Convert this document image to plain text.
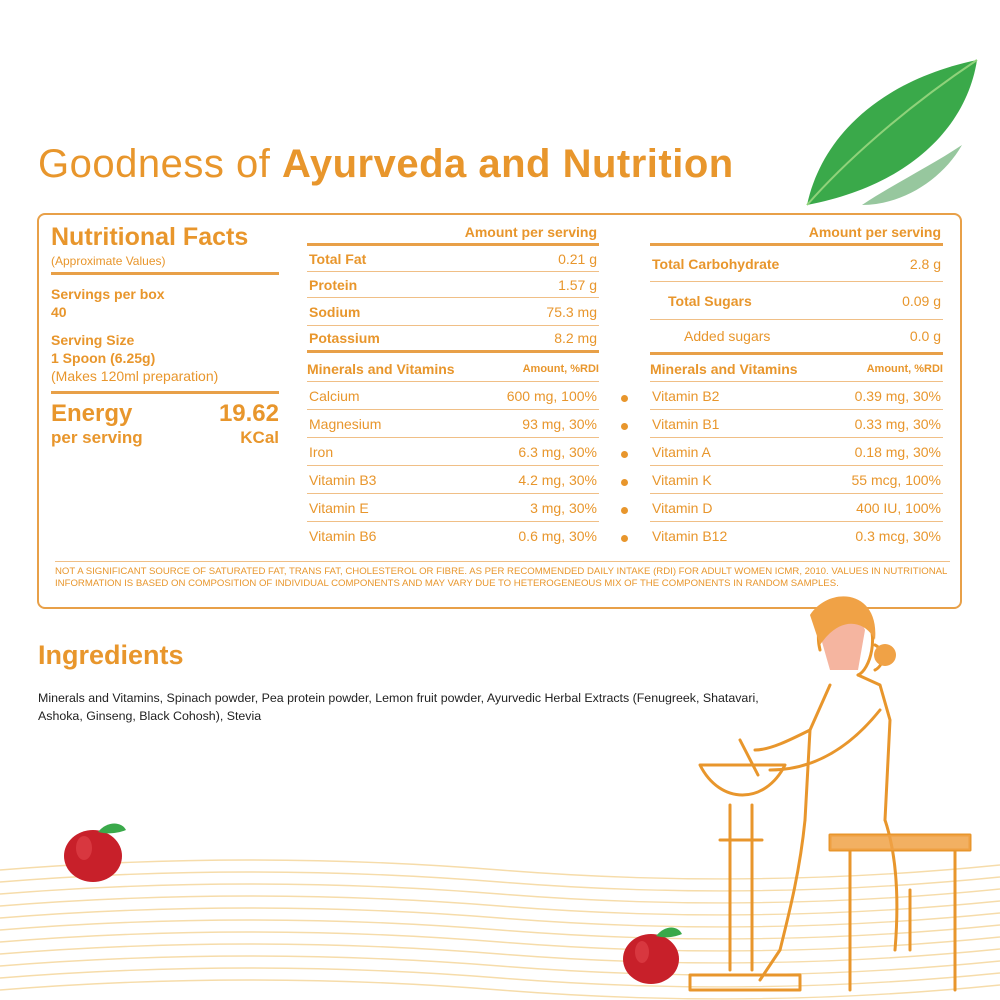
Goodness of Ayurveda and Nutrition
Nutritional Facts
(Approximate Values)
Servings per box
40
Serving Size
1 Spoon (6.25g)
(Makes 120ml preparation)
Energy	19.62
per serving	KCal
Amount per serving
Total Fat	0.21 g
Protein	1.57 g
Sodium	75.3 mg
Potassium	8.2 mg
Amount per serving
Total Carbohydrate	2.8 g
Total Sugars	0.09 g
Added sugars	0.0 g
Minerals and Vitamins	Amount, %RDI
Calcium	600 mg, 100%
Magnesium	93 mg, 30%
Iron	6.3 mg, 30%
Vitamin B3	4.2 mg, 30%
Vitamin E	3 mg, 30%
Vitamin B6	0.6 mg, 30%
Minerals and Vitamins	Amount, %RDI
Vitamin B2	0.39 mg, 30%
Vitamin B1	0.33 mg, 30%
Vitamin A	0.18 mg, 30%
Vitamin K	55 mcg, 100%
Vitamin D	400 IU, 100%
Vitamin B12	0.3 mcg, 30%
NOT A SIGNIFICANT SOURCE OF SATURATED FAT, TRANS FAT, CHOLESTEROL OR FIBRE. AS PER RECOMMENDED DAILY INTAKE (RDI) FOR ADULT WOMEN ICMR, 2010. VALUES IN NUTRITIONAL INFORMATION IS BASED ON COMPOSITION OF INDIVIDUAL COMPONENTS AND MAY VARY DUE TO HETEROGENEOUS MIX OF THE COMPONENTS IN RANDOM SAMPLES.
Ingredients
Minerals and Vitamins, Spinach powder, Pea protein powder, Lemon fruit powder, Ayurvedic Herbal Extracts (Fenugreek, Shatavari, Ashoka, Ginseng, Black Cohosh), Stevia
